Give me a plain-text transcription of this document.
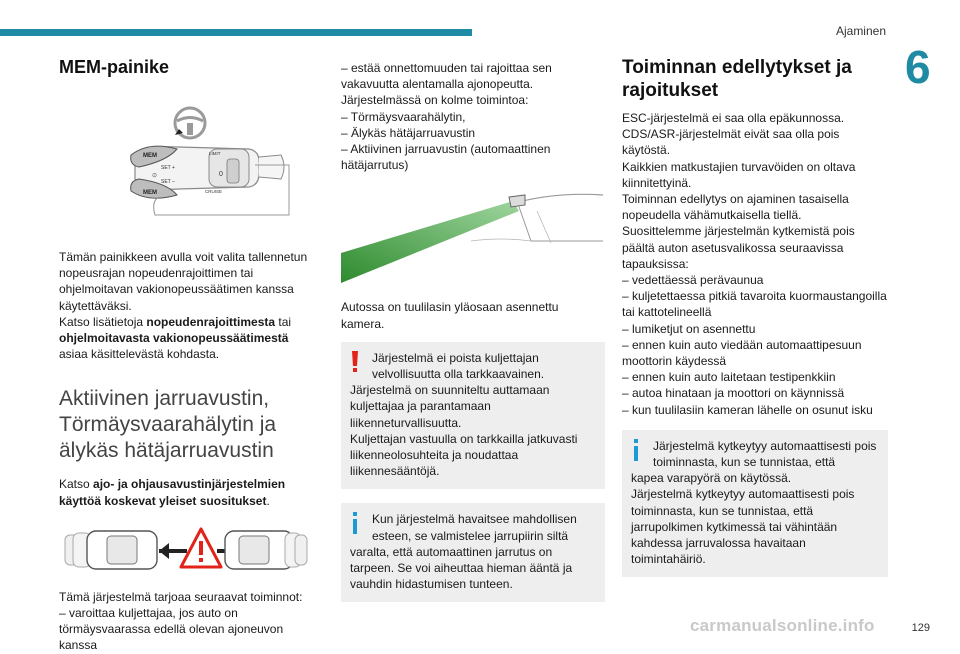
Ajaminen
6
MEM-painike
MEM
MEM
SET +
SET –
0
LIMIT
CRUISE
⊙

Tämän painikkeen avulla voit valita tallennetun nopeusrajan nopeudenrajoittimen tai ohjelmoitavan vakionopeussäätimen kanssa käytettäväksi.

Katso lisätietoja nopeudenrajoittimesta tai ohjelmoitavasta vakionopeussäätimestä asiaa käsittelevästä kohdasta.

Aktiivinen jarruavustin,
Törmäysvaarahälytin ja
älykäs hätäjarruavustin

Katso ajo- ja ohjausavustinjärjestelmien käyttöä koskevat yleiset suositukset.

Tämä järjestelmä tarjoaa seuraavat toiminnot:
– varoittaa kuljettajaa, jos auto on törmäysvaarassa edellä olevan ajoneuvon kanssa

– estää onnettomuuden tai rajoittaa sen vakavuutta alentamalla ajonopeutta.
Järjestelmässä on kolme toimintoa:
– Törmäysvaarahälytin,
– Älykäs hätäjarruavustin
– Aktiivinen jarruavustin (automaattinen hätäjarrutus)

Autossa on tuulilasin yläosaan asennettu kamera.

Järjestelmä ei poista kuljettajan velvollisuutta olla tarkkaavainen.

Järjestelmä on suunniteltu auttamaan kuljettajaa ja parantamaan liikenneturvallisuutta.
Kuljettajan vastuulla on tarkkailla jatkuvasti liikenneolosuhteita ja noudattaa liikennesääntöjä.

Kun järjestelmä havaitsee mahdollisen esteen, se valmistelee jarrupiirin siltä

varalta, että automaattinen jarrutus on tarpeen. Se voi aiheuttaa hieman ääntä ja vauhdin hidastumisen tunteen.

Toiminnan edellytykset ja
rajoitukset

ESC-järjestelmä ei saa olla epäkunnossa.
CDS/ASR-järjestelmät eivät saa olla pois käytöstä.
Kaikkien matkustajien turvavöiden on oltava kiinnitettyinä.
Toiminnan edellytys on ajaminen tasaisella nopeudella vähämutkaisella tiellä.
Suosittelemme järjestelmän kytkemistä pois päältä auton asetusvalikossa seuraavissa tapauksissa:
– vedettäessä perävaunua
– kuljetettaessa pitkiä tavaroita kuormaustangoilla tai kattotelineellä
– lumiketjut on asennettu
– ennen kuin auto viedään automaattipesuun moottorin käydessä
– ennen kuin auto laitetaan testipenkkiin
– autoa hinataan ja moottori on käynnissä
– kun tuulilasiin kameran lähelle on osunut isku

Järjestelmä kytkeytyy automaattisesti pois toiminnasta, kun se tunnistaa, että

kapea varapyörä on käytössä.
Järjestelmä kytkeytyy automaattisesti pois toiminnasta, kun se tunnistaa, että jarrupolkimen kytkimessä tai vähintään kahdessa jarruvalossa havaitaan toimintahäiriö.

carmanualsonline.info	129
